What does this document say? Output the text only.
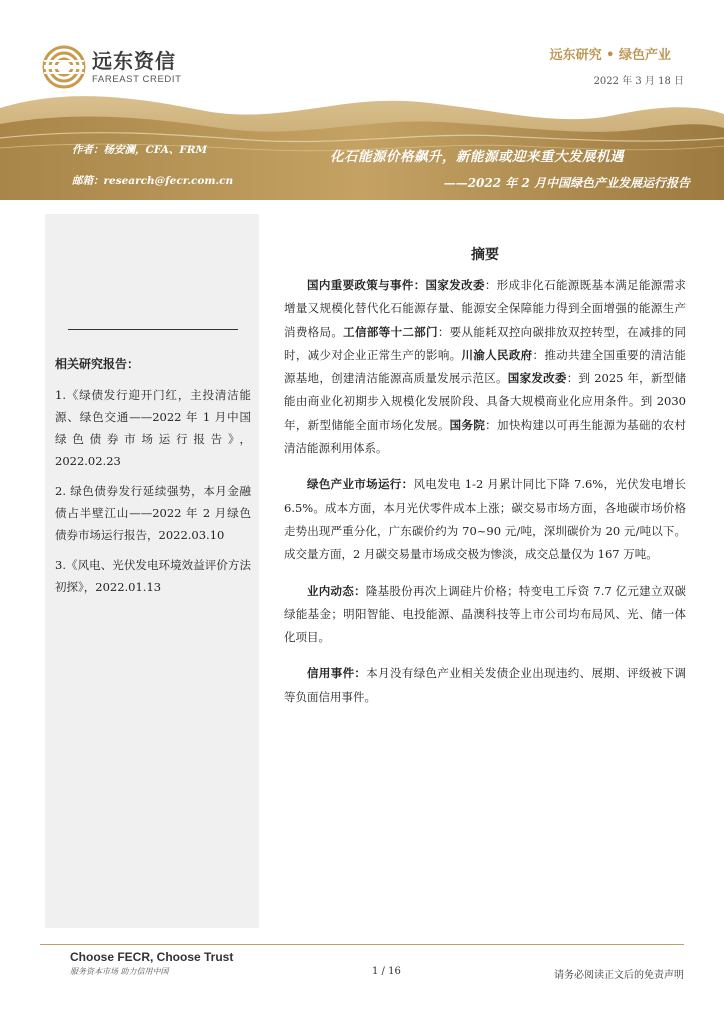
远东资信
FAREAST CREDIT
远东研究 • 绿色产业
2022 年 3 月 18 日
作者：杨安澜，CFA、FRM
邮箱：research@fecr.com.cn
化石能源价格飙升，新能源或迎来重大发展机遇
——2022 年 2 月中国绿色产业发展运行报告
相关研究报告：
1.《绿债发行迎开门红，主投清洁能源、绿色交通——2022 年 1 月中国绿色债券市场运行报告》，2022.02.23
2. 绿色债券发行延续强势，本月金融债占半壁江山——2022 年 2 月绿色债券市场运行报告，2022.03.10
3.《风电、光伏发电环境效益评价方法初探》，2022.01.13
摘要

国内重要政策与事件：国家发改委：形成非化石能源既基本满足能源需求增量又规模化替代化石能源存量、能源安全保障能力得到全面增强的能源生产消费格局。工信部等十二部门：要从能耗双控向碳排放双控转型，在减排的同时，减少对企业正常生产的影响。川渝人民政府：推动共建全国重要的清洁能源基地，创建清洁能源高质量发展示范区。国家发改委：到 2025 年，新型储能由商业化初期步入规模化发展阶段、具备大规模商业化应用条件。到 2030 年，新型储能全面市场化发展。国务院：加快构建以可再生能源为基础的农村清洁能源利用体系。

绿色产业市场运行：风电发电 1-2 月累计同比下降 7.6%，光伏发电增长 6.5%。成本方面，本月光伏零件成本上涨；碳交易市场方面，各地碳市场价格走势出现严重分化，广东碳价约为 70~90 元/吨，深圳碳价为 20 元/吨以下。成交量方面，2 月碳交易量市场成交极为惨淡，成交总量仅为 167 万吨。

业内动态：隆基股份再次上调硅片价格；特变电工斥资 7.7 亿元建立双碳绿能基金；明阳智能、电投能源、晶澳科技等上市公司均布局风、光、储一体化项目。

信用事件：本月没有绿色产业相关发债企业出现违约、展期、评级被下调等负面信用事件。

Choose FECR, Choose Trust
服务资本市场 助力信用中国	1 / 16	请务必阅读正文后的免责声明
